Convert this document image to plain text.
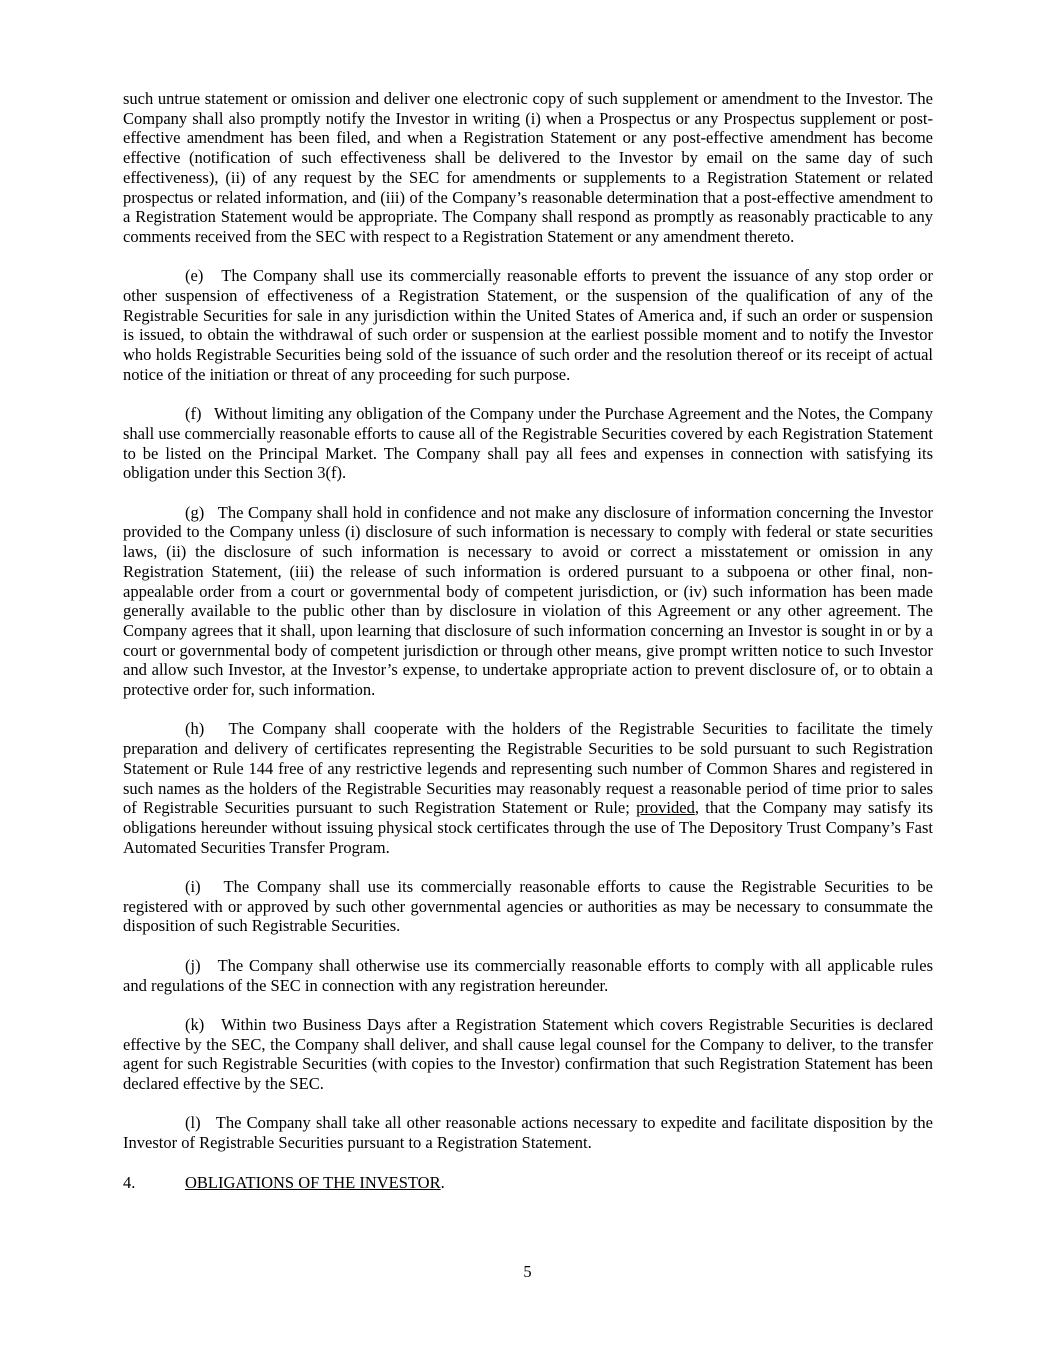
such untrue statement or omission and deliver one electronic copy of such supplement or amendment to the Investor. The Company shall also promptly notify the Investor in writing (i) when a Prospectus or any Prospectus supplement or post-effective amendment has been filed, and when a Registration Statement or any post-effective amendment has become effective (notification of such effectiveness shall be delivered to the Investor by email on the same day of such effectiveness), (ii) of any request by the SEC for amendments or supplements to a Registration Statement or related prospectus or related information, and (iii) of the Company’s reasonable determination that a post-effective amendment to a Registration Statement would be appropriate. The Company shall respond as promptly as reasonably practicable to any comments received from the SEC with respect to a Registration Statement or any amendment thereto.

(e)   The Company shall use its commercially reasonable efforts to prevent the issuance of any stop order or other suspension of effectiveness of a Registration Statement, or the suspension of the qualification of any of the Registrable Securities for sale in any jurisdiction within the United States of America and, if such an order or suspension is issued, to obtain the withdrawal of such order or suspension at the earliest possible moment and to notify the Investor who holds Registrable Securities being sold of the issuance of such order and the resolution thereof or its receipt of actual notice of the initiation or threat of any proceeding for such purpose.

(f)   Without limiting any obligation of the Company under the Purchase Agreement and the Notes, the Company shall use commercially reasonable efforts to cause all of the Registrable Securities covered by each Registration Statement to be listed on the Principal Market. The Company shall pay all fees and expenses in connection with satisfying its obligation under this Section 3(f).

(g)   The Company shall hold in confidence and not make any disclosure of information concerning the Investor provided to the Company unless (i) disclosure of such information is necessary to comply with federal or state securities laws, (ii) the disclosure of such information is necessary to avoid or correct a misstatement or omission in any Registration Statement, (iii) the release of such information is ordered pursuant to a subpoena or other final, non-appealable order from a court or governmental body of competent jurisdiction, or (iv) such information has been made generally available to the public other than by disclosure in violation of this Agreement or any other agreement. The Company agrees that it shall, upon learning that disclosure of such information concerning an Investor is sought in or by a court or governmental body of competent jurisdiction or through other means, give prompt written notice to such Investor and allow such Investor, at the Investor’s expense, to undertake appropriate action to prevent disclosure of, or to obtain a protective order for, such information.

(h)   The Company shall cooperate with the holders of the Registrable Securities to facilitate the timely preparation and delivery of certificates representing the Registrable Securities to be sold pursuant to such Registration Statement or Rule 144 free of any restrictive legends and representing such number of Common Shares and registered in such names as the holders of the Registrable Securities may reasonably request a reasonable period of time prior to sales of Registrable Securities pursuant to such Registration Statement or Rule; provided, that the Company may satisfy its obligations hereunder without issuing physical stock certificates through the use of The Depository Trust Company’s Fast Automated Securities Transfer Program.

(i)   The Company shall use its commercially reasonable efforts to cause the Registrable Securities to be registered with or approved by such other governmental agencies or authorities as may be necessary to consummate the disposition of such Registrable Securities.

(j)   The Company shall otherwise use its commercially reasonable efforts to comply with all applicable rules and regulations of the SEC in connection with any registration hereunder.

(k)   Within two Business Days after a Registration Statement which covers Registrable Securities is declared effective by the SEC, the Company shall deliver, and shall cause legal counsel for the Company to deliver, to the transfer agent for such Registrable Securities (with copies to the Investor) confirmation that such Registration Statement has been declared effective by the SEC.

(l)   The Company shall take all other reasonable actions necessary to expedite and facilitate disposition by the Investor of Registrable Securities pursuant to a Registration Statement.

4.	OBLIGATIONS OF THE INVESTOR.

5
